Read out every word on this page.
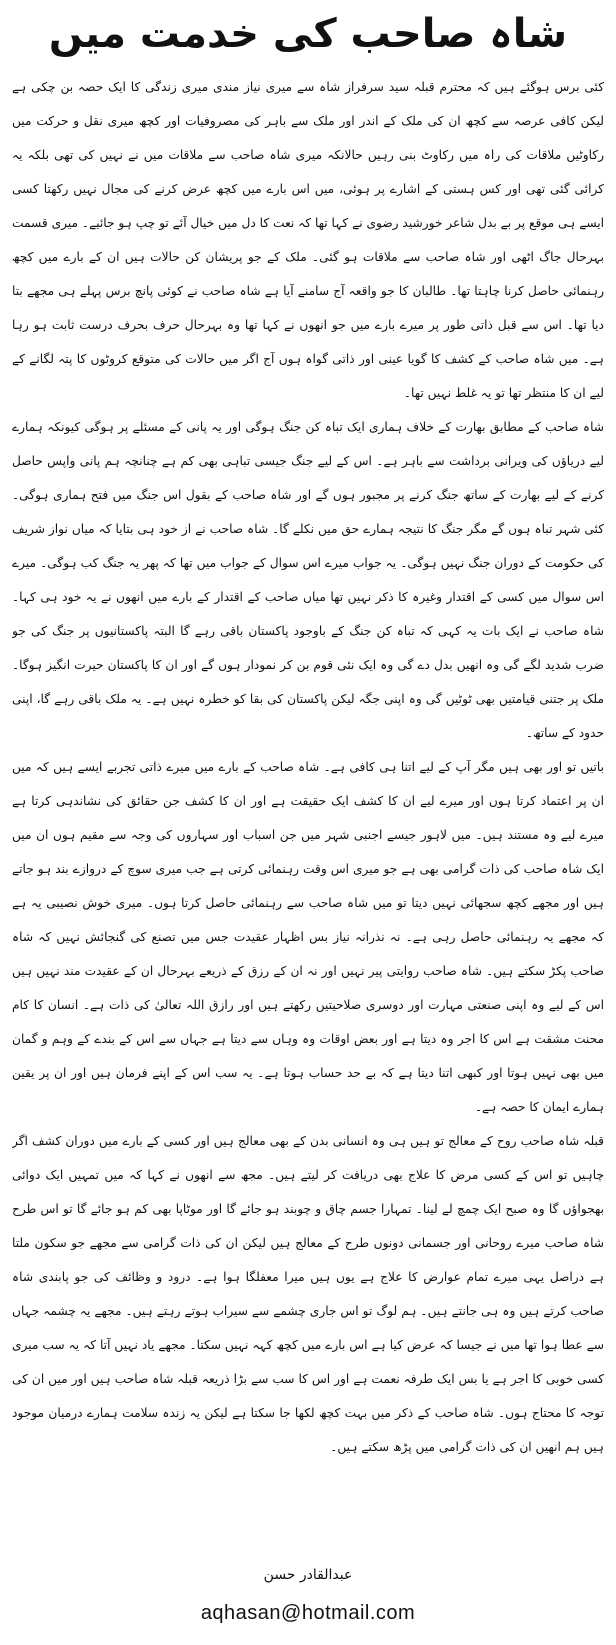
شاہ صاحب کی خدمت میں

کئی برس ہوگئے ہیں کہ محترم قبلہ سید سرفراز شاہ سے میری نیاز مندی میری زندگی کا ایک حصہ بن چکی ہے لیکن کافی عرصہ سے کچھ ان کی ملک کے اندر اور ملک سے باہر کی مصروفیات اور کچھ میری نقل و حرکت میں رکاوٹیں ملاقات کی راہ میں رکاوٹ بنی رہیں حالانکہ میری شاہ صاحب سے ملاقات میں نے نہیں کی تھی بلکہ یہ کرائی گئی تھی اور کس ہستی کے اشارے پر ہوئی، میں اس بارے میں کچھ عرض کرنے کی مجال نہیں رکھتا کسی ایسے ہی موقع پر بے بدل شاعر خورشید رضوی نے کہا تھا کہ نعت کا دل میں خیال آئے تو چپ ہو جائیے۔ میری قسمت بہرحال جاگ اٹھی اور شاہ صاحب سے ملاقات ہو گئی۔ ملک کے جو پریشان کن حالات ہیں ان کے بارے میں کچھ رہنمائی حاصل کرنا چاہتا تھا۔ طالبان کا جو واقعہ آج سامنے آیا ہے شاہ صاحب نے کوئی پانچ برس پہلے ہی مجھے بتا دیا تھا۔ اس سے قبل ذاتی طور پر میرے بارے میں جو انھوں نے کہا تھا وہ بہرحال حرف بحرف درست ثابت ہو رہا ہے۔ میں شاہ صاحب کے کشف کا گویا عینی اور ذاتی گواہ ہوں آج اگر میں حالات کی متوقع کروٹوں کا پتہ لگانے کے لیے ان کا منتظر تھا تو یہ غلط نہیں تھا۔

شاہ صاحب کے مطابق بھارت کے خلاف ہماری ایک تباہ کن جنگ ہوگی اور یہ پانی کے مسئلے پر ہوگی کیونکہ ہمارے لیے دریاؤں کی ویرانی برداشت سے باہر ہے۔ اس کے لیے جنگ جیسی تباہی بھی کم ہے چنانچہ ہم پانی واپس حاصل کرنے کے لیے بھارت کے ساتھ جنگ کرنے پر مجبور ہوں گے اور شاہ صاحب کے بقول اس جنگ میں فتح ہماری ہوگی۔ کئی شہر تباہ ہوں گے مگر جنگ کا نتیجہ ہمارے حق میں نکلے گا۔ شاہ صاحب نے از خود ہی بتایا کہ میاں نواز شریف کی حکومت کے دوران جنگ نہیں ہوگی۔ یہ جواب میرے اس سوال کے جواب میں تھا کہ پھر یہ جنگ کب ہوگی۔ میرے اس سوال میں کسی کے اقتدار وغیرہ کا ذکر نہیں تھا میاں صاحب کے اقتدار کے بارے میں انھوں نے یہ خود ہی کہا۔ شاہ صاحب نے ایک بات یہ کہی کہ تباہ کن جنگ کے باوجود پاکستان باقی رہے گا البتہ پاکستانیوں پر جنگ کی جو ضرب شدید لگے گی وہ انھیں بدل دے گی وہ ایک نئی قوم بن کر نمودار ہوں گے اور ان کا پاکستان حیرت انگیز ہوگا۔ ملک پر جتنی قیامتیں بھی ٹوٹیں گی وہ اپنی جگہ لیکن پاکستان کی بقا کو خطرہ نہیں ہے۔ یہ ملک باقی رہے گا، اپنی حدود کے ساتھ۔

باتیں تو اور بھی ہیں مگر آپ کے لیے اتنا ہی کافی ہے۔ شاہ صاحب کے بارے میں میرے ذاتی تجربے ایسے ہیں کہ میں ان پر اعتماد کرتا ہوں اور میرے لیے ان کا کشف ایک حقیقت ہے اور ان کا کشف جن حقائق کی نشاندہی کرتا ہے میرے لیے وہ مستند ہیں۔ میں لاہور جیسے اجنبی شہر میں جن اسباب اور سہاروں کی وجہ سے مقیم ہوں ان میں ایک شاہ صاحب کی ذات گرامی بھی ہے جو میری اس وقت رہنمائی کرتی ہے جب میری سوچ کے دروازے بند ہو جاتے ہیں اور مجھے کچھ سجھائی نہیں دیتا تو میں شاہ صاحب سے رہنمائی حاصل کرتا ہوں۔ میری خوش نصیبی یہ ہے کہ مجھے یہ رہنمائی حاصل رہی ہے۔ نہ نذرانہ نیاز بس اظہار عقیدت جس میں تصنع کی گنجائش نہیں کہ شاہ صاحب پکڑ سکتے ہیں۔ شاہ صاحب روایتی پیر نہیں اور نہ ان کے رزق کے ذریعے بہرحال ان کے عقیدت مند نہیں ہیں اس کے لیے وہ اپنی صنعتی مہارت اور دوسری صلاحیتیں رکھتے ہیں اور رازق اللہ تعالیٰ کی ذات ہے۔ انسان کا کام محنت مشقت ہے اس کا اجر وہ دیتا ہے اور بعض اوقات وہ وہاں سے دیتا ہے جہاں سے اس کے بندے کے وہم و گمان میں بھی نہیں ہوتا اور کبھی اتنا دیتا ہے کہ بے حد حساب ہوتا ہے۔ یہ سب اس کے اپنے فرمان ہیں اور ان پر یقین ہمارے ایمان کا حصہ ہے۔

قبلہ شاہ صاحب روح کے معالج تو ہیں ہی وہ انسانی بدن کے بھی معالج ہیں اور کسی کے بارے میں دوران کشف اگر چاہیں تو اس کے کسی مرض کا علاج بھی دریافت کر لیتے ہیں۔ مجھ سے انھوں نے کہا کہ میں تمہیں ایک دوائی بھجواؤں گا وہ صبح ایک چمچ لے لینا۔ تمہارا جسم چاق و چوبند ہو جائے گا اور موٹاپا بھی کم ہو جائے گا تو اس طرح شاہ صاحب میرے روحانی اور جسمانی دونوں طرح کے معالج ہیں لیکن ان کی ذات گرامی سے مجھے جو سکون ملتا ہے دراصل یہی میرے تمام عوارض کا علاج ہے یوں ہیں میرا معفلگا ہوا ہے۔ درود و وظائف کی جو پابندی شاہ صاحب کرتے ہیں وہ ہی جانتے ہیں۔ ہم لوگ تو اس جاری چشمے سے سیراب ہوتے رہتے ہیں۔ مجھے یہ چشمہ جہاں سے عطا ہوا تھا میں نے جیسا کہ عرض کیا ہے اس بارے میں کچھ کہہ نہیں سکتا۔ مجھے یاد نہیں آتا کہ یہ سب میری کسی خوبی کا اجر ہے یا بس ایک طرفہ نعمت ہے اور اس کا سب سے بڑا ذریعہ قبلہ شاہ صاحب ہیں اور میں ان کی توجہ کا محتاج ہوں۔ شاہ صاحب کے ذکر میں بہت کچھ لکھا جا سکتا ہے لیکن یہ زندہ سلامت ہمارے درمیان موجود ہیں ہم انھیں ان کی ذات گرامی میں پڑھ سکتے ہیں۔

عبدالقادر حسن
aqhasan@hotmail.com
